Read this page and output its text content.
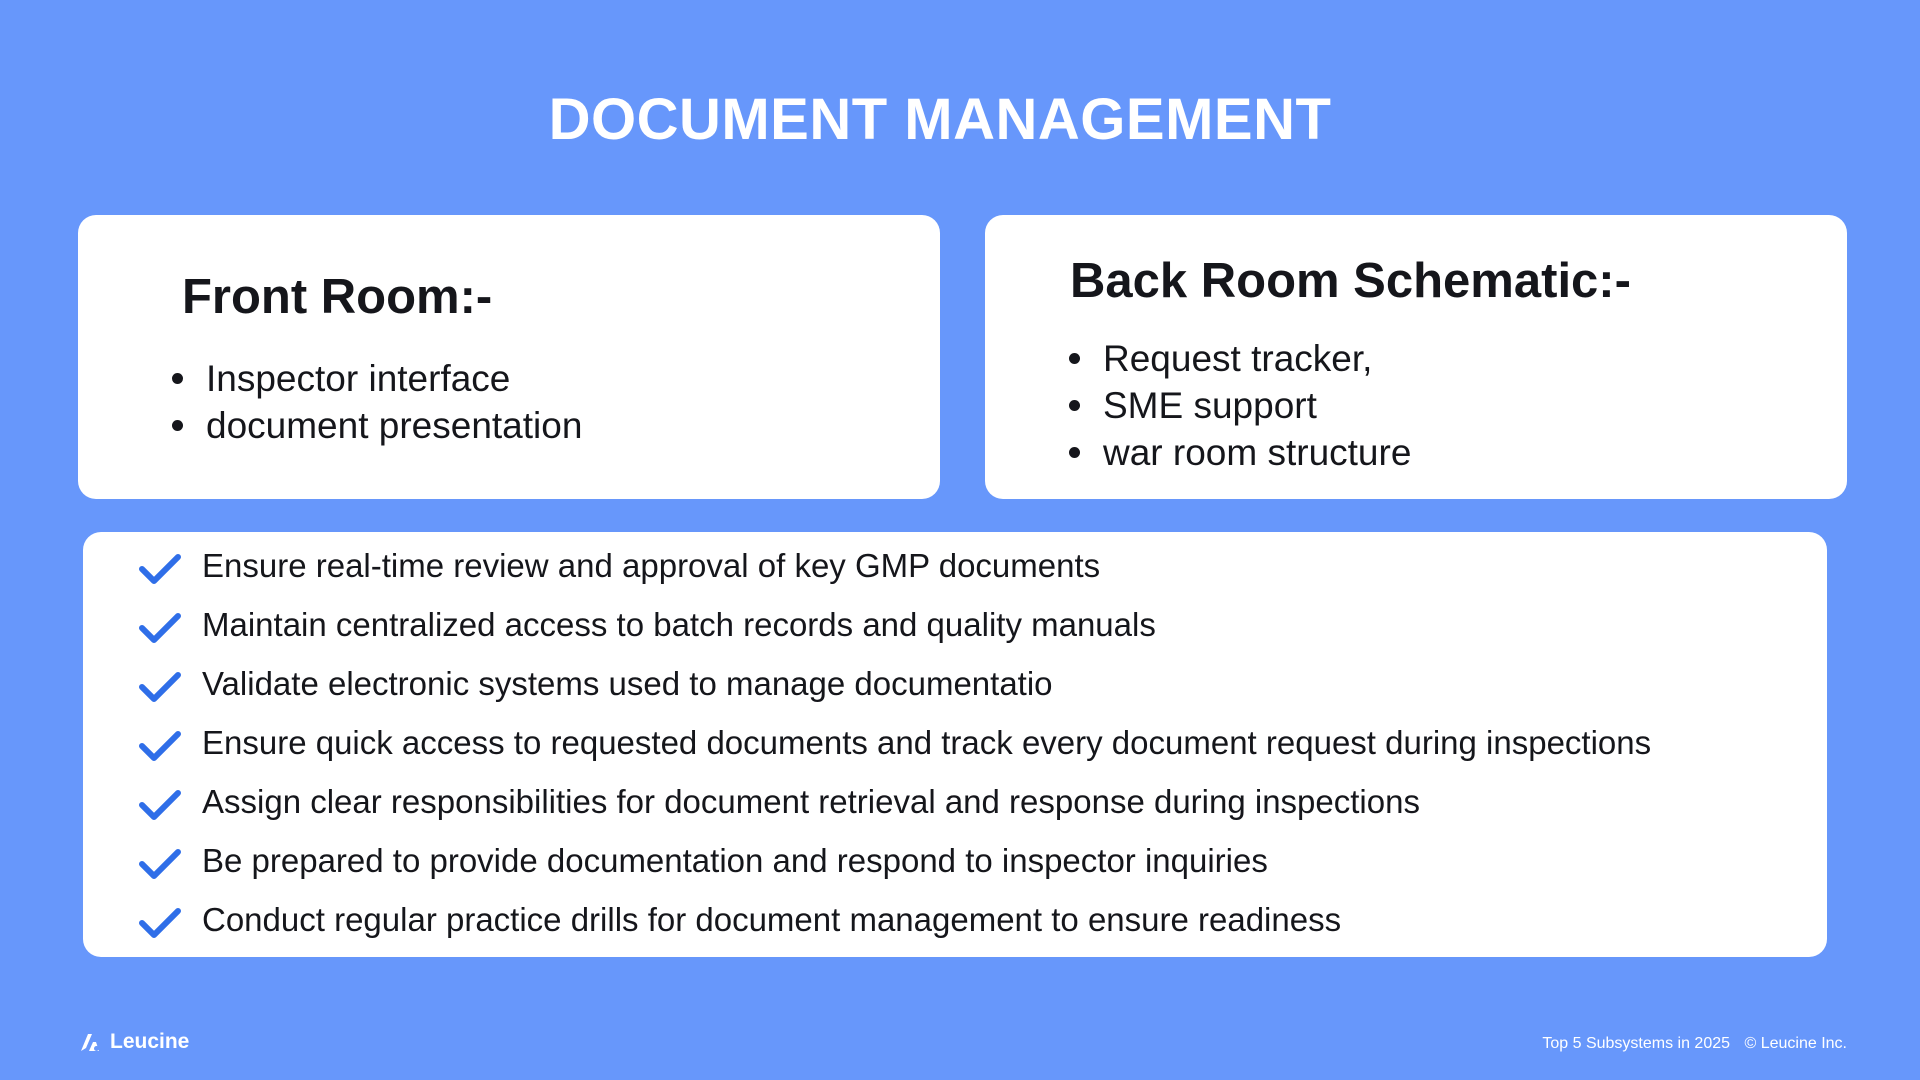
DOCUMENT MANAGEMENT
Front Room:-
Inspector interface
document presentation
Back Room Schematic:-
Request tracker,
SME support
war room structure
Ensure real-time review and approval of key GMP documents
Maintain centralized access to batch records and quality manuals
Validate electronic systems used to manage documentatio
Ensure quick access to requested documents and track every document request during inspections
Assign clear responsibilities for document retrieval and response during inspections
Be prepared to provide documentation and respond to inspector inquiries
Conduct regular practice drills for document management to ensure readiness
Leucine	Top 5 Subsystems in 2025 © Leucine Inc.
